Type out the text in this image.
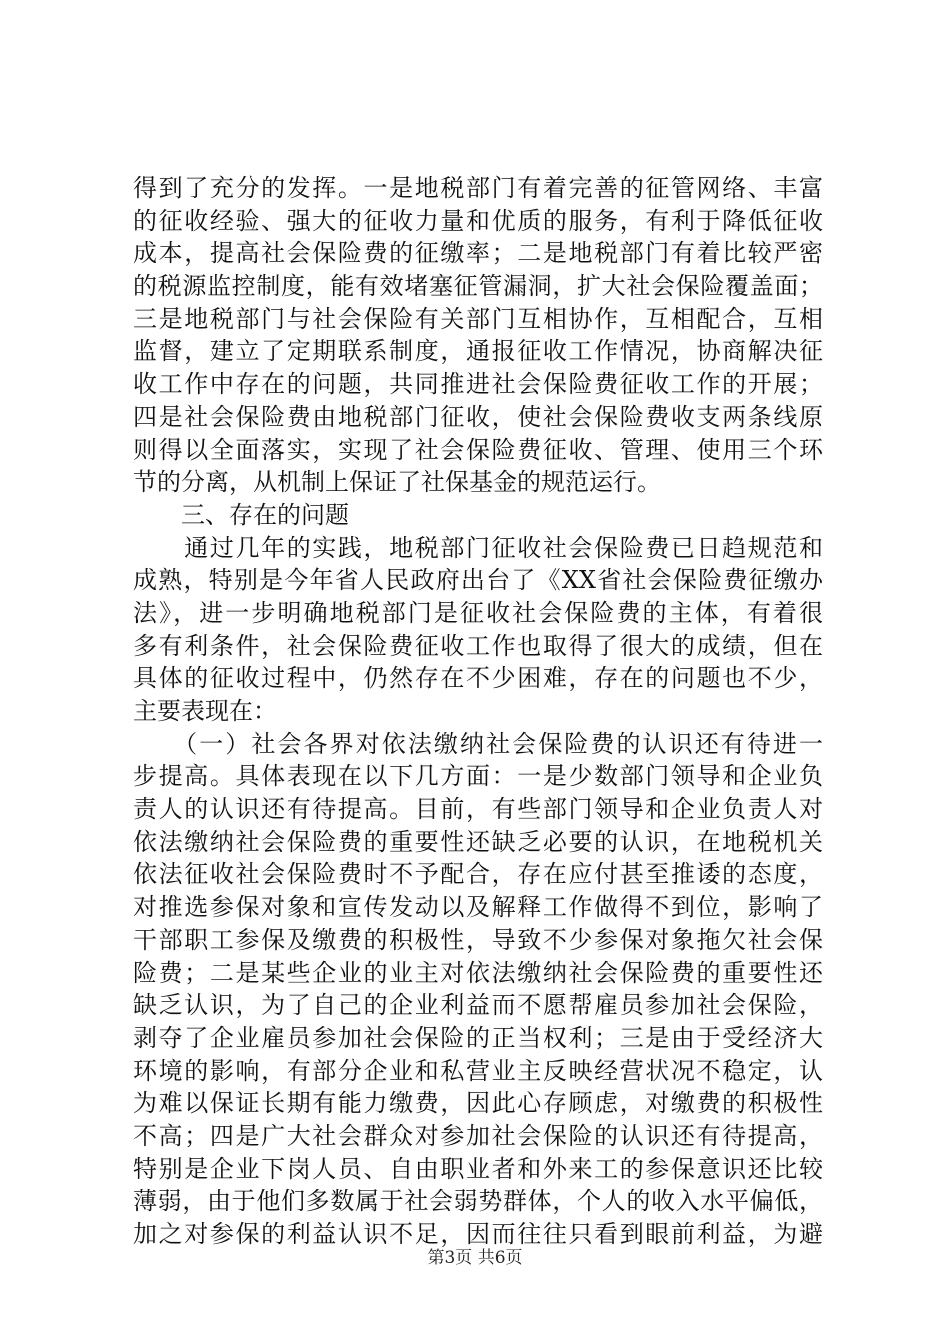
得到了充分的发挥。一是地税部门有着完善的征管网络、丰富
的征收经验、强大的征收力量和优质的服务，有利于降低征收
成本，提高社会保险费的征缴率；二是地税部门有着比较严密
的税源监控制度，能有效堵塞征管漏洞，扩大社会保险覆盖面；
三是地税部门与社会保险有关部门互相协作，互相配合，互相
监督，建立了定期联系制度，通报征收工作情况，协商解决征
收工作中存在的问题，共同推进社会保险费征收工作的开展；
四是社会保险费由地税部门征收，使社会保险费收支两条线原
则得以全面落实，实现了社会保险费征收、管理、使用三个环
节的分离，从机制上保证了社保基金的规范运行。
　　三、存在的问题
　　通过几年的实践，地税部门征收社会保险费已日趋规范和
成熟，特别是今年省人民政府出台了《XX省社会保险费征缴办
法》，进一步明确地税部门是征收社会保险费的主体，有着很
多有利条件，社会保险费征收工作也取得了很大的成绩，但在
具体的征收过程中，仍然存在不少困难，存在的问题也不少，
主要表现在：
　　（一）社会各界对依法缴纳社会保险费的认识还有待进一
步提高。具体表现在以下几方面：一是少数部门领导和企业负
责人的认识还有待提高。目前，有些部门领导和企业负责人对
依法缴纳社会保险费的重要性还缺乏必要的认识，在地税机关
依法征收社会保险费时不予配合，存在应付甚至推诿的态度，
对推选参保对象和宣传发动以及解释工作做得不到位，影响了
干部职工参保及缴费的积极性，导致不少参保对象拖欠社会保
险费；二是某些企业的业主对依法缴纳社会保险费的重要性还
缺乏认识，为了自己的企业利益而不愿帮雇员参加社会保险，
剥夺了企业雇员参加社会保险的正当权利；三是由于受经济大
环境的影响，有部分企业和私营业主反映经营状况不稳定，认
为难以保证长期有能力缴费，因此心存顾虑，对缴费的积极性
不高；四是广大社会群众对参加社会保险的认识还有待提高，
特别是企业下岗人员、自由职业者和外来工的参保意识还比较
薄弱，由于他们多数属于社会弱势群体，个人的收入水平偏低，
加之对参保的利益认识不足，因而往往只看到眼前利益，为避
第3页 共6页
